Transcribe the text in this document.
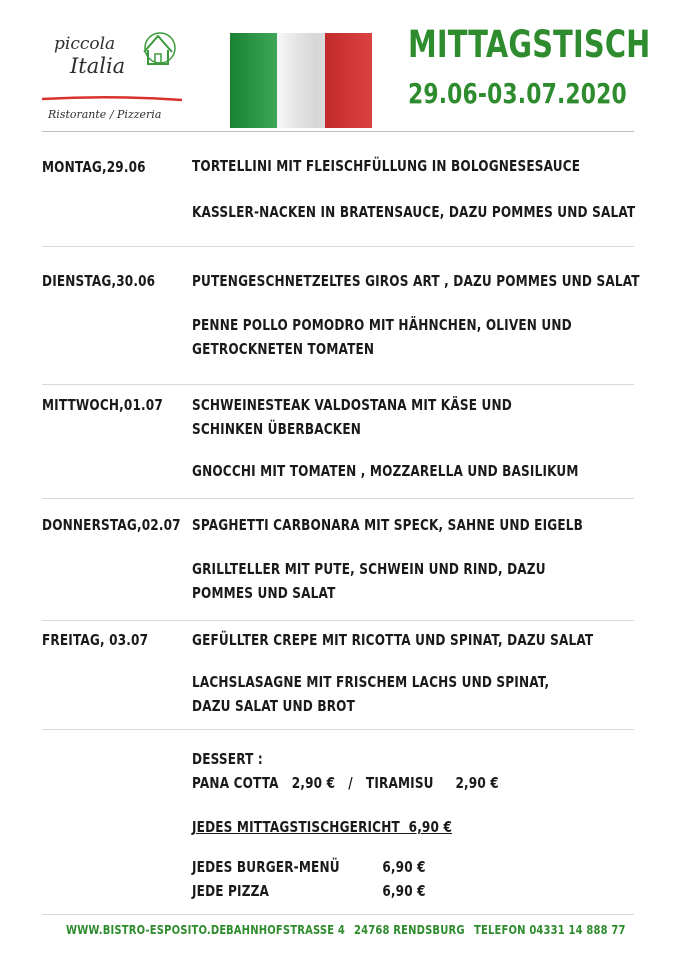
piccola
Italia
Ristorante / Pizzeria
MITTAGSTISCH
29.06-03.07.2020
MONTAG,29.06	TORTELLINI MIT FLEISCHFÜLLUNG IN BOLOGNESESAUCE
KASSLER-NACKEN IN BRATENSAUCE, DAZU POMMES UND SALAT
DIENSTAG,30.06 PUTENGESCHNETZELTES GIROS ART , DAZU POMMES UND SALAT
PENNE POLLO POMODRO MIT HÄHNCHEN, OLIVEN UND
GETROCKNETEN TOMATEN
MITTWOCH,01.07 SCHWEINESTEAK VALDOSTANA MIT KÄSE UND
SCHINKEN ÜBERBACKEN
GNOCCHI MIT TOMATEN , MOZZARELLA UND BASILIKUM
DONNERSTAG,02.07 SPAGHETTI CARBONARA MIT SPECK, SAHNE UND EIGELB
GRILLTELLER MIT PUTE, SCHWEIN UND RIND, DAZU
POMMES UND SALAT
FREITAG, 03.07	GEFÜLLTER CREPE MIT RICOTTA UND SPINAT, DAZU SALAT
LACHSLASAGNE MIT FRISCHEM LACHS UND SPINAT,
DAZU SALAT UND BROT
DESSERT :
PANA COTTA   2,90 €   /   TIRAMISU     2,90 €
JEDES MITTAGSTISCHGERICHT  6,90 €
JEDES BURGER-MENÜ	6,90 €
JEDE PIZZA	6,90 €
WWW.BISTRO-ESPOSITO.DE BAHNHOFSTRASSE 4 24768 RENDSBURG TELEFON 04331 14 888 77
